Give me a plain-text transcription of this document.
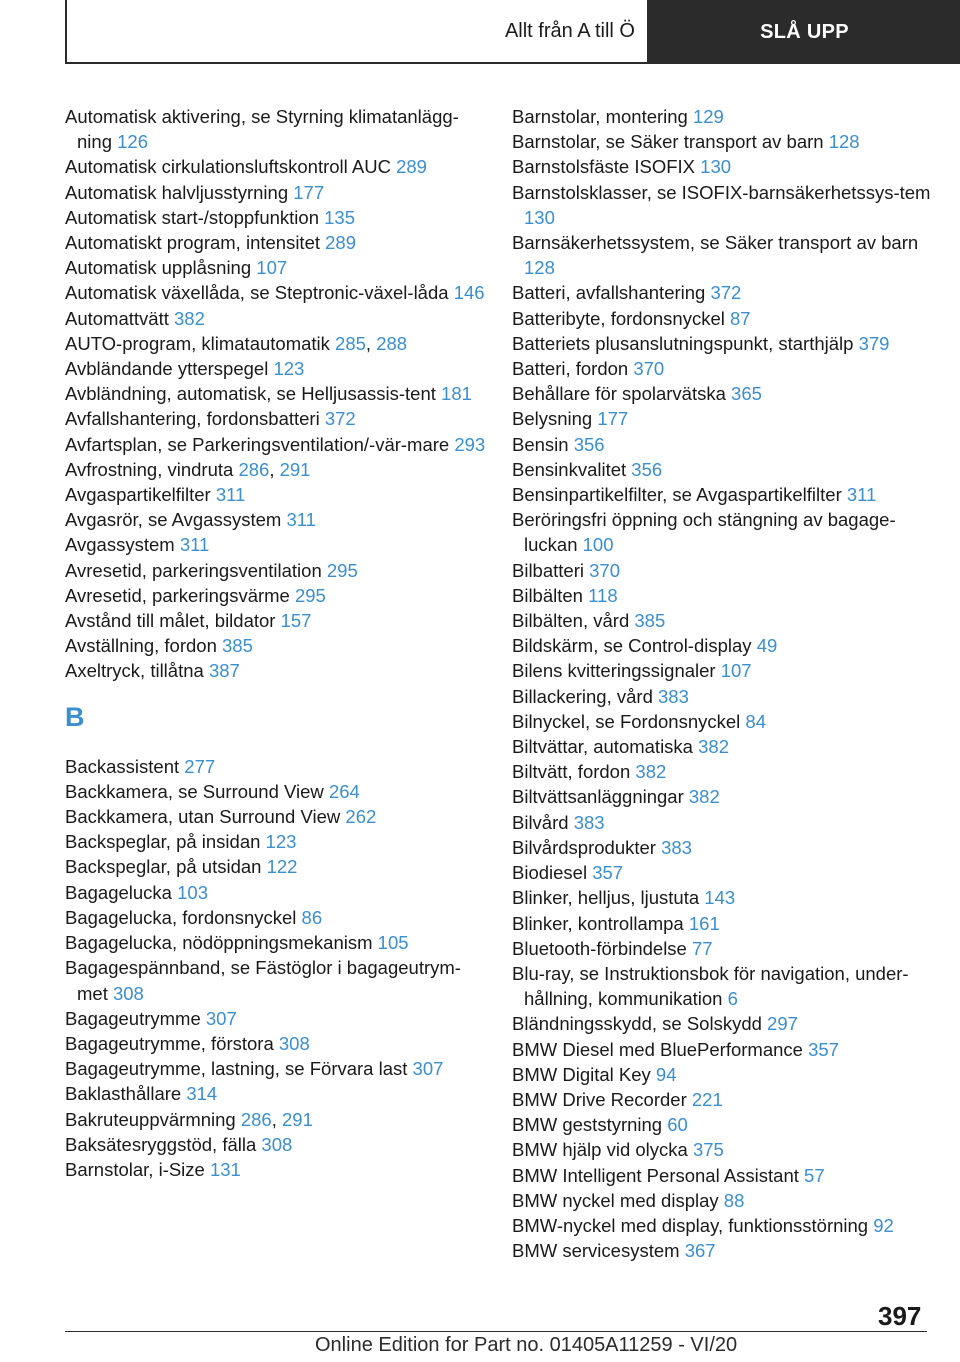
Allt från A till Ö	SLÅ UPP
Automatisk aktivering, se Styrning klimatanlägg-ning 126
Automatisk cirkulationsluftskontroll AUC 289
Automatisk halvljusstyrning 177
Automatisk start-/stoppfunktion 135
Automatiskt program, intensitet 289
Automatisk upplåsning 107
Automatisk växellåda, se Steptronic-växel-låda 146
Automattvätt 382
AUTO-program, klimatautomatik 285, 288
Avbländande ytterspegel 123
Avbländning, automatisk, se Helljusassis-tent 181
Avfallshantering, fordonsbatteri 372
Avfartsplan, se Parkeringsventilation/-vär-mare 293
Avfrostning, vindruta 286, 291
Avgaspartikelfilter 311
Avgasrör, se Avgassystem 311
Avgassystem 311
Avresetid, parkeringsventilation 295
Avresetid, parkeringsvärme 295
Avstånd till målet, bildator 157
Avställning, fordon 385
Axeltryck, tillåtna 387
B
Backassistent 277
Backkamera, se Surround View 264
Backkamera, utan Surround View 262
Backspeglar, på insidan 123
Backspeglar, på utsidan 122
Bagagelucka 103
Bagagelucka, fordonsnyckel 86
Bagagelucka, nödöppningsmekanism 105
Bagagespännband, se Fästöglor i bagageutrym-met 308
Bagageutrymme 307
Bagageutrymme, förstora 308
Bagageutrymme, lastning, se Förvara last 307
Baklasthållare 314
Bakruteuppvärmning 286, 291
Baksätesryggstöd, fälla 308
Barnstolar, i-Size 131
Barnstolar, montering 129
Barnstolar, se Säker transport av barn 128
Barnstolsfäste ISOFIX 130
Barnstolsklasser, se ISOFIX-barnsäkerhetssys-tem 130
Barnsäkerhetssystem, se Säker transport av barn 128
Batteri, avfallshantering 372
Batteribyte, fordonsnyckel 87
Batteriets plusanslutningspunkt, starthjälp 379
Batteri, fordon 370
Behållare för spolarvätska 365
Belysning 177
Bensin 356
Bensinkvalitet 356
Bensinpartikelfilter, se Avgaspartikelfilter 311
Beröringsfri öppning och stängning av bagage-luckan 100
Bilbatteri 370
Bilbälten 118
Bilbälten, vård 385
Bildskärm, se Control-display 49
Bilens kvitteringssignaler 107
Billackering, vård 383
Bilnyckel, se Fordonsnyckel 84
Biltvättar, automatiska 382
Biltvätt, fordon 382
Biltvättsanläggningar 382
Bilvård 383
Bilvårdsprodukter 383
Biodiesel 357
Blinker, helljus, ljustuta 143
Blinker, kontrollampa 161
Bluetooth-förbindelse 77
Blu-ray, se Instruktionsbok för navigation, under-hållning, kommunikation 6
Bländningsskydd, se Solskydd 297
BMW Diesel med BluePerformance 357
BMW Digital Key 94
BMW Drive Recorder 221
BMW geststyrning 60
BMW hjälp vid olycka 375
BMW Intelligent Personal Assistant 57
BMW nyckel med display 88
BMW-nyckel med display, funktionsstörning 92
BMW servicesystem 367
397
Online Edition for Part no. 01405A11259 - VI/20
